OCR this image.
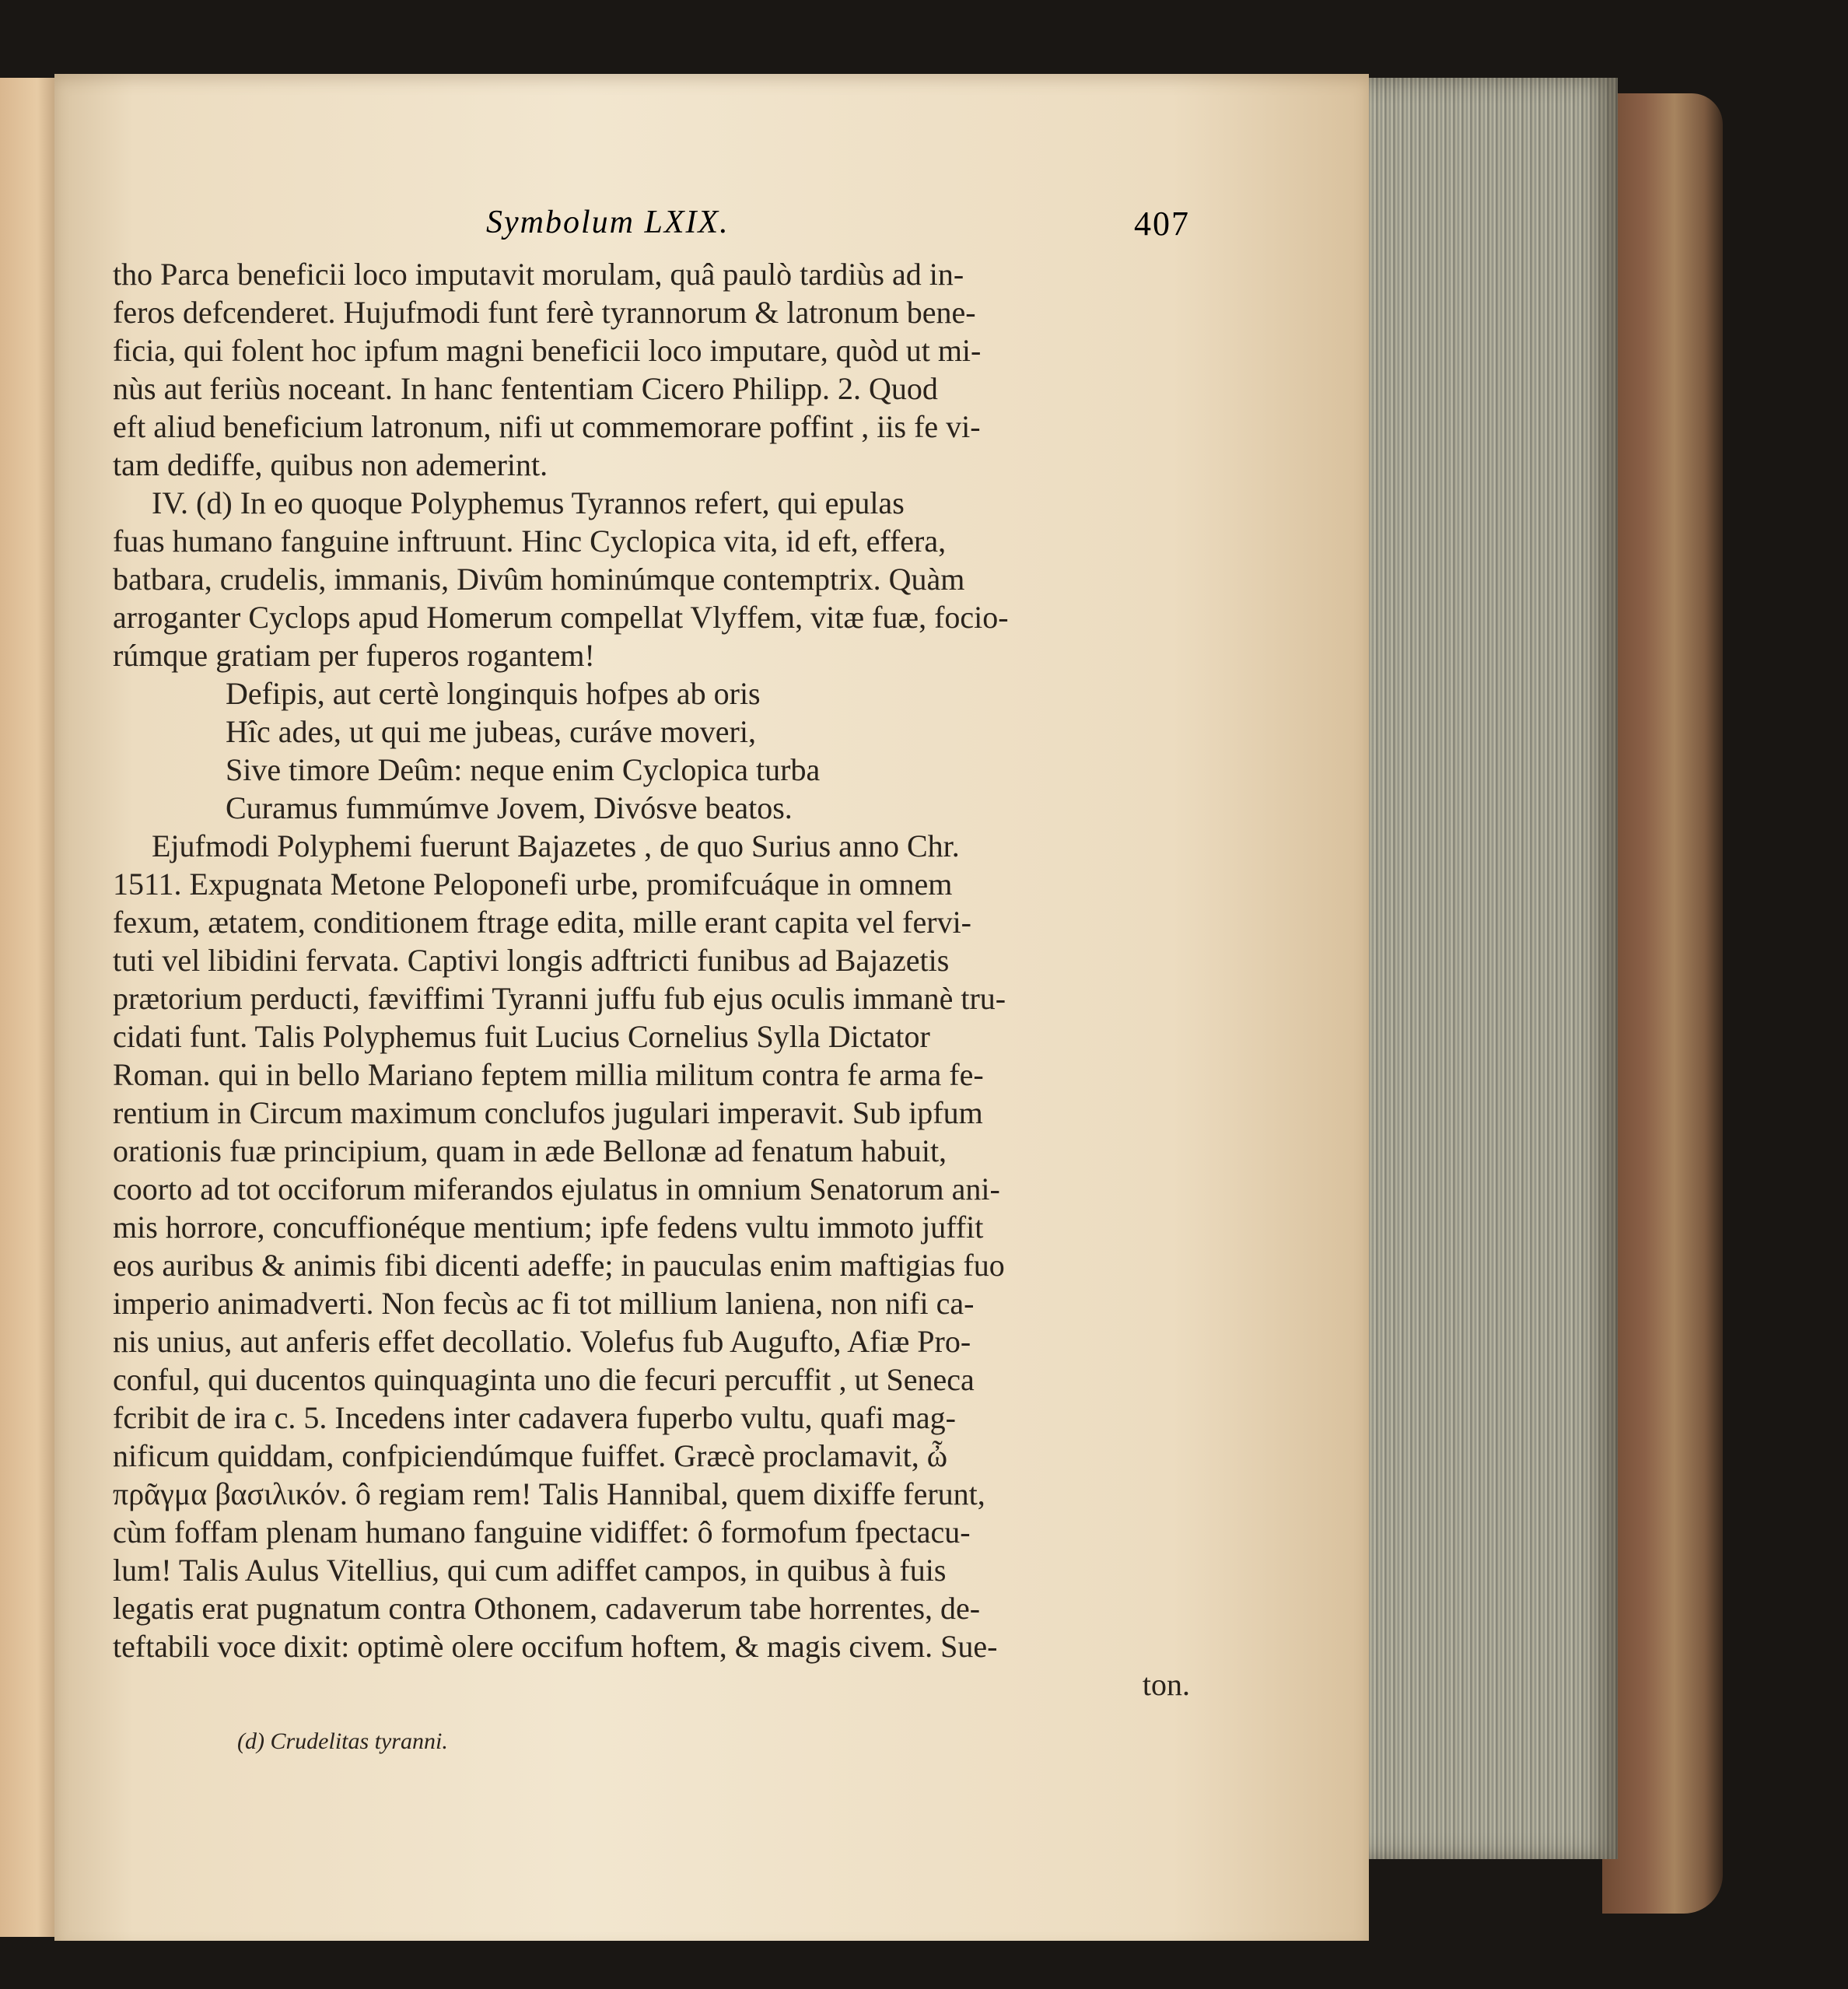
Symbolum LXIX.	407
tho Parca beneficii loco imputavit morulam, quâ paulò tardiùs ad in-
feros defcenderet. Hujufmodi funt ferè tyrannorum & latronum bene-
ficia, qui folent hoc ipfum magni beneficii loco imputare, quòd ut mi-
nùs aut feriùs noceant. In hanc fententiam Cicero Philipp. 2. Quod
eft aliud beneficium latronum, nifi ut commemorare poffint , iis fe vi-
tam dediffe, quibus non ademerint.
IV. (d) In eo quoque Polyphemus Tyrannos refert, qui epulas
fuas humano fanguine inftruunt. Hinc Cyclopica vita, id eft, effera,
batbara, crudelis, immanis, Divûm hominúmque contemptrix. Quàm
arroganter Cyclops apud Homerum compellat Vlyffem, vitæ fuæ, focio-
rúmque gratiam per fuperos rogantem!
Defipis, aut certè longinquis hofpes ab oris
Hîc ades, ut qui me jubeas, curáve moveri,
Sive timore Deûm: neque enim Cyclopica turba
Curamus fummúmve Jovem, Divósve beatos.
Ejufmodi Polyphemi fuerunt Bajazetes , de quo Surius anno Chr.
1511. Expugnata Metone Peloponefi urbe, promifcuáque in omnem
fexum, ætatem, conditionem ftrage edita, mille erant capita vel fervi-
tuti vel libidini fervata. Captivi longis adftricti funibus ad Bajazetis
prætorium perducti, fæviffimi Tyranni juffu fub ejus oculis immanè tru-
cidati funt. Talis Polyphemus fuit Lucius Cornelius Sylla Dictator
Roman. qui in bello Mariano feptem millia militum contra fe arma fe-
rentium in Circum maximum conclufos jugulari imperavit. Sub ipfum
orationis fuæ principium, quam in æde Bellonæ ad fenatum habuit,
coorto ad tot occiforum miferandos ejulatus in omnium Senatorum ani-
mis horrore, concuffionéque mentium; ipfe fedens vultu immoto juffit
eos auribus & animis fibi dicenti adeffe; in pauculas enim maftigias fuo
imperio animadverti. Non fecùs ac fi tot millium laniena, non nifi ca-
nis unius, aut anferis effet decollatio. Volefus fub Augufto, Afiæ Pro-
conful, qui ducentos quinquaginta uno die fecuri percuffit , ut Seneca
fcribit de ira c. 5. Incedens inter cadavera fuperbo vultu, quafi mag-
nificum quiddam, confpiciendúmque fuiffet. Græcè proclamavit, ὦ
πρᾶγμα βασιλικόν. ô regiam rem! Talis Hannibal, quem dixiffe ferunt,
cùm foffam plenam humano fanguine vidiffet: ô formofum fpectacu-
lum! Talis Aulus Vitellius, qui cum adiffet campos, in quibus à fuis
legatis erat pugnatum contra Othonem, cadaverum tabe horrentes, de-
teftabili voce dixit: optimè olere occifum hoftem, & magis civem. Sue-
ton.
(d) Crudelitas tyranni.
